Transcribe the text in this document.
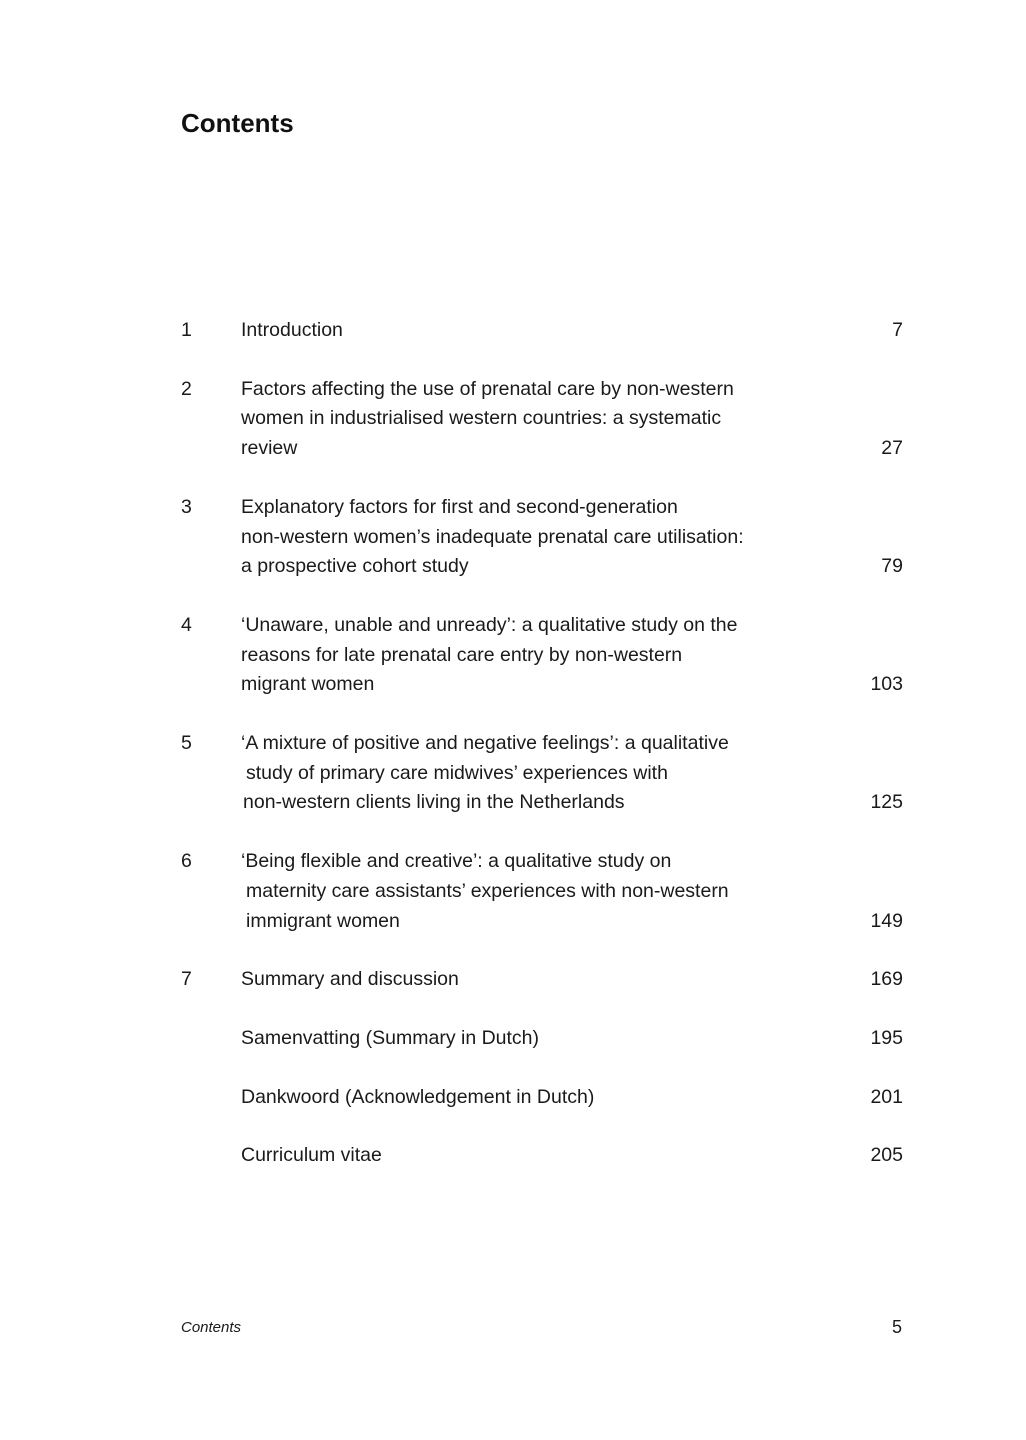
Contents
1	Introduction	7
2	Factors affecting the use of prenatal care by non-western
women in industrialised western countries: a systematic
review	27
3	Explanatory factors for first and second-generation
non-western women’s inadequate prenatal care utilisation:
a prospective cohort study	79
4	‘Unaware, unable and unready’: a qualitative study on the
reasons for late prenatal care entry by non-western
migrant women	103
5	‘A mixture of positive and negative feelings’: a qualitative
study of primary care midwives’ experiences with
non-western clients living in the Netherlands	125
6	‘Being flexible and creative’: a qualitative study on
maternity care assistants’ experiences with non-western
immigrant women	149
7	Summary and discussion	169
Samenvatting (Summary in Dutch)	195
Dankwoord (Acknowledgement in Dutch)	201
Curriculum vitae	205
Contents	5
